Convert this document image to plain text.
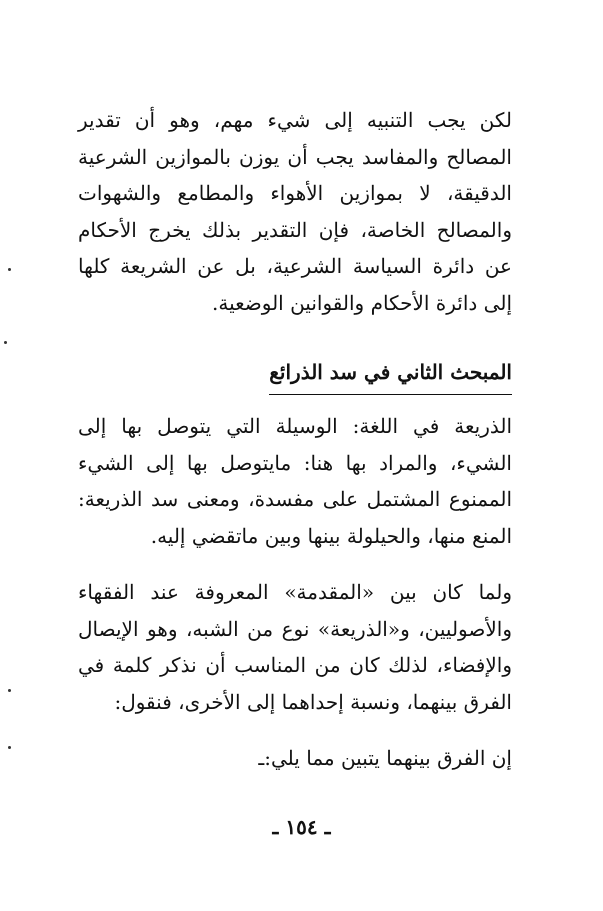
لكن يجب التنبيه إلى شيء مهم، وهو أن تقدير المصالح والمفاسد يجب أن يوزن بالموازين الشرعية الدقيقة، لا بموازين الأهواء والمطامع والشهوات والمصالح الخاصة، فإن التقدير بذلك يخرج الأحكام عن دائرة السياسة الشرعية، بل عن الشريعة كلها إلى دائرة الأحكام والقوانين الوضعية.

المبحث الثاني في سد الذرائع

الذريعة في اللغة: الوسيلة التي يتوصل بها إلى الشيء، والمراد بها هنا: مايتوصل بها إلى الشيء الممنوع المشتمل على مفسدة، ومعنى سد الذريعة: المنع منها، والحيلولة بينها وبين ماتقضي إليه.

ولما كان بين «المقدمة» المعروفة عند الفقهاء والأصوليين، و«الذريعة» نوع من الشبه، وهو الإيصال والإفضاء، لذلك كان من المناسب أن نذكر كلمة في الفرق بينهما، ونسبة إحداهما إلى الأخرى، فنقول:

إن الفرق بينهما يتبين مما يلي:ـ

ـ ١٥٤ ـ
